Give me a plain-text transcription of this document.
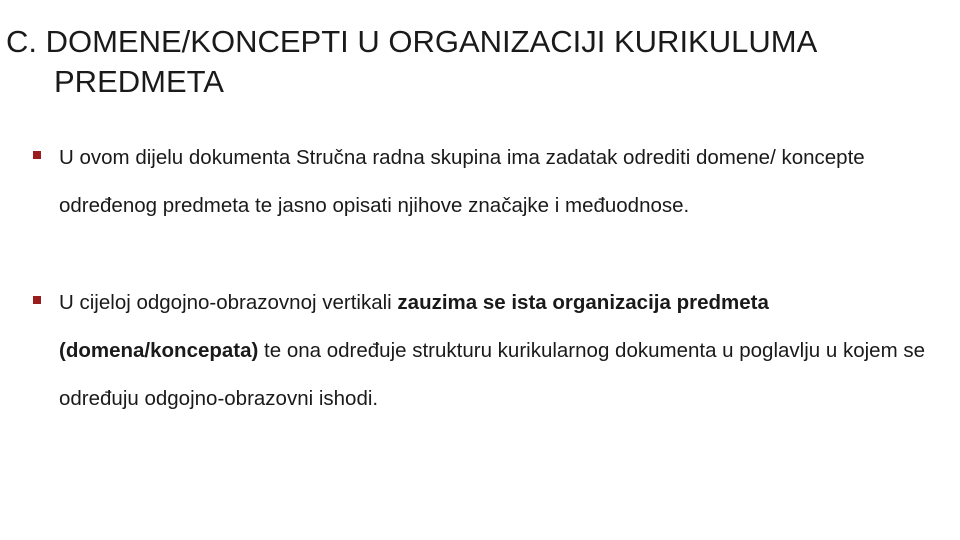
C. DOMENE/KONCEPTI U ORGANIZACIJI KURIKULUMA
PREDMETA
U ovom dijelu dokumenta Stručna radna skupina ima zadatak odrediti domene/ koncepte određenog predmeta te jasno opisati njihove značajke i međuodnose.
U cijeloj odgojno-obrazovnoj vertikali zauzima se ista organizacija predmeta (domena/koncepata) te ona određuje strukturu kurikularnog dokumenta u poglavlju u kojem se određuju odgojno-obrazovni ishodi.
